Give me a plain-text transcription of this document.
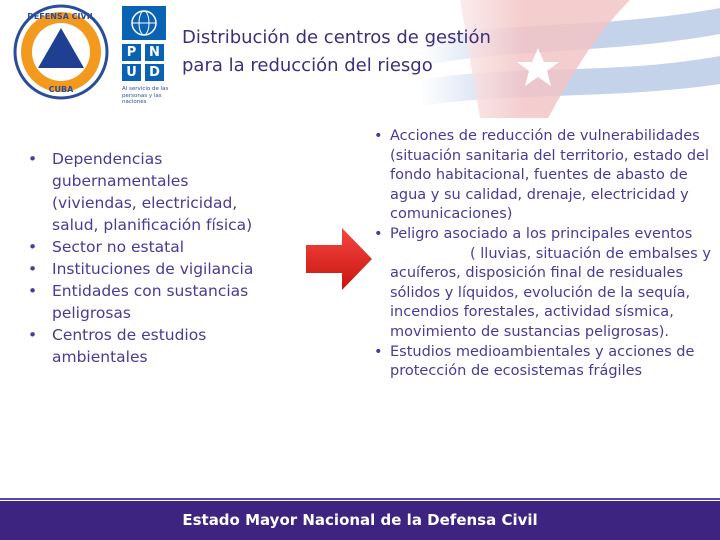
DEFENSA CIVIL
CUBA
P N
U D
Al servicio de las personas y las naciones
Distribución de centros de gestión
para la reducción del riesgo
• Dependencias gubernamentales (viviendas, electricidad, salud, planificación física)
• Sector no estatal
• Instituciones de vigilancia
• Entidades con sustancias peligrosas
• Centros de estudios ambientales
• Acciones de reducción de vulnerabilidades (situación sanitaria del territorio, estado del fondo habitacional, fuentes de abasto de agua y su calidad, drenaje, electricidad y comunicaciones)
• Peligro asociado a los principales eventos( lluvias, situación de embalses y acuíferos, disposición final de residuales sólidos y líquidos, evolución de la sequía, incendios forestales, actividad sísmica, movimiento de sustancias peligrosas).
• Estudios medioambientales y acciones de protección de ecosistemas frágiles
Estado Mayor Nacional de la Defensa Civil
